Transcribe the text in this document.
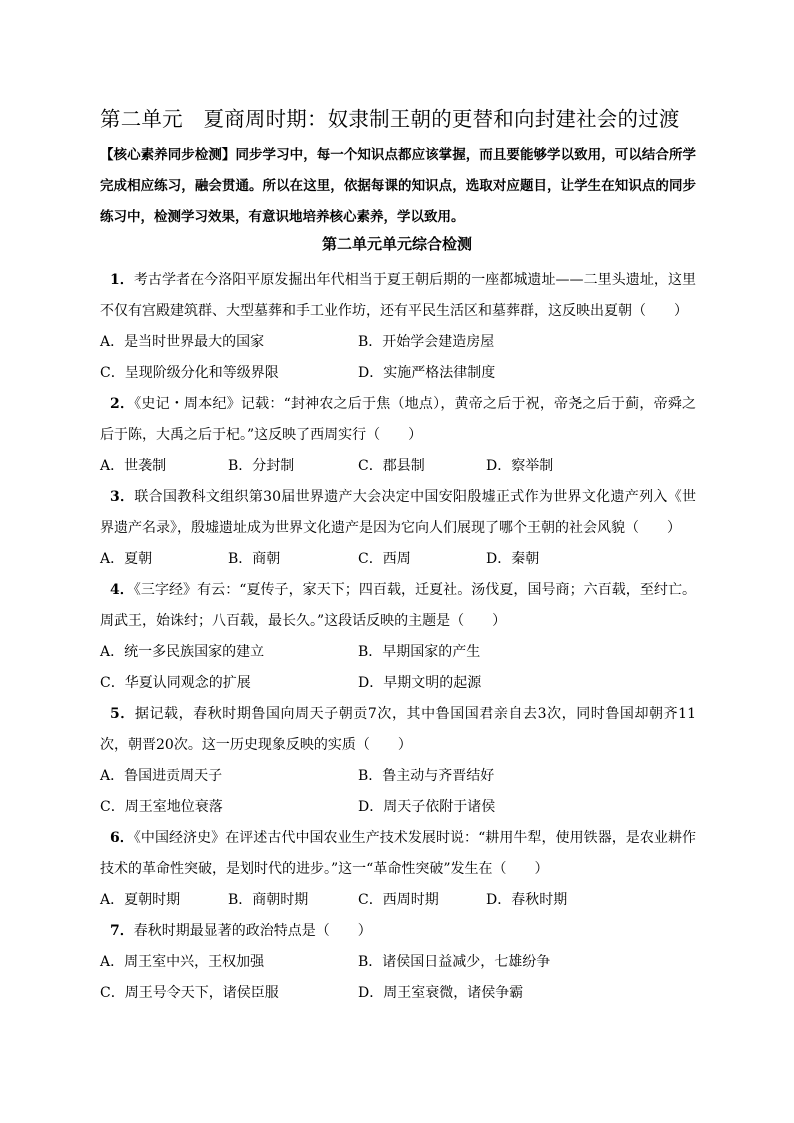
第二单元　夏商周时期：奴隶制王朝的更替和向封建社会的过渡
【核心素养同步检测】同步学习中，每一个知识点都应该掌握，而且要能够学以致用，可以结合所学完成相应练习，融会贯通。所以在这里，依据每课的知识点，选取对应题目，让学生在知识点的同步练习中，检测学习效果，有意识地培养核心素养，学以致用。
第二单元单元综合检测
1．考古学者在今洛阳平原发掘出年代相当于夏王朝后期的一座都城遗址——二里头遗址，这里不仅有宫殿建筑群、大型墓葬和手工业作坊，还有平民生活区和墓葬群，这反映出夏朝（　　）
A．是当时世界最大的国家	B．开始学会建造房屋
C．呈现阶级分化和等级界限	D．实施严格法律制度
2．《史记・周本纪》记载：“封神农之后于焦（地点），黄帝之后于祝，帝尧之后于蓟，帝舜之后于陈，大禹之后于杞。”这反映了西周实行（　　）
A．世袭制	B．分封制	C．郡县制	D．察举制
3．联合国教科文组织第30届世界遗产大会决定中国安阳殷墟正式作为世界文化遗产列入《世界遗产名录》，殷墟遗址成为世界文化遗产是因为它向人们展现了哪个王朝的社会风貌（　　）
A．夏朝	B．商朝	C．西周	D．秦朝
4．《三字经》有云：“夏传子，家天下；四百载，迁夏社。汤伐夏，国号商；六百载，至纣亡。周武王，始诛纣；八百载，最长久。”这段话反映的主题是（　　）
A．统一多民族国家的建立	B．早期国家的产生
C．华夏认同观念的扩展	D．早期文明的起源
5．据记载，春秋时期鲁国向周天子朝贡7次，其中鲁国国君亲自去3次，同时鲁国却朝齐11次，朝晋20次。这一历史现象反映的实质（　　）
A．鲁国进贡周天子	B．鲁主动与齐晋结好
C．周王室地位衰落	D．周天子依附于诸侯
6．《中国经济史》在评述古代中国农业生产技术发展时说：“耕用牛犁，使用铁器，是农业耕作技术的革命性突破，是划时代的进步。”这一“革命性突破”发生在（　　）
A．夏朝时期	B．商朝时期	C．西周时期	D．春秋时期
7．春秋时期最显著的政治特点是（　　）
A．周王室中兴，王权加强	B．诸侯国日益减少，七雄纷争
C．周王号令天下，诸侯臣服	D．周王室衰微，诸侯争霸
